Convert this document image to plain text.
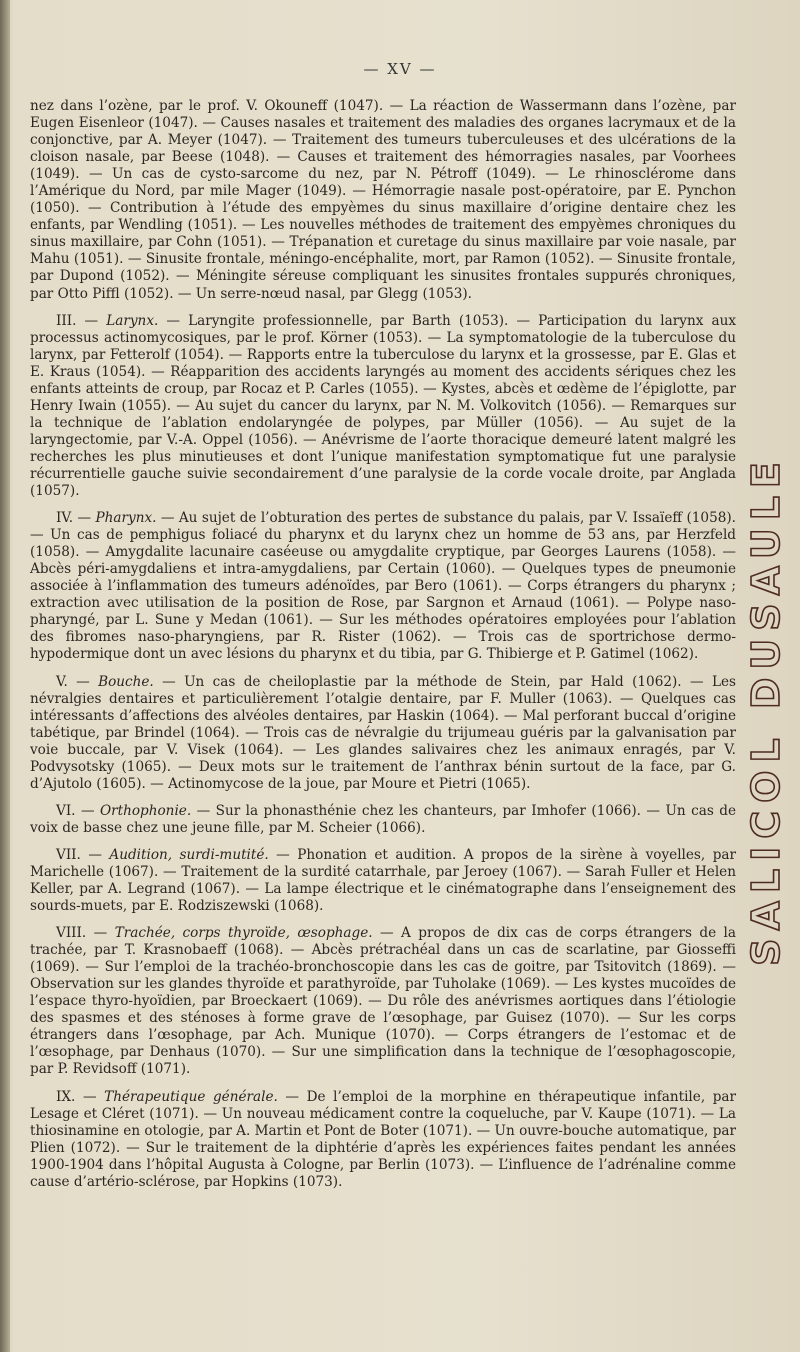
— XV —

nez dans l’ozène, par le prof. V. Okouneff (1047). — La réaction de Wassermann dans l’ozène, par Eugen Eisenleor (1047). — Causes nasales et traitement des maladies des organes lacrymaux et de la conjonctive, par A. Meyer (1047). — Traitement des tumeurs tuberculeuses et des ulcérations de la cloison nasale, par Beese (1048). — Causes et traitement des hémorragies nasales, par Voorhees (1049). — Un cas de cysto-sarcome du nez, par N. Pétroff (1049). — Le rhinosclérome dans l’Amérique du Nord, par mile Mager (1049). — Hémorragie nasale post-opératoire, par E. Pynchon (1050). — Contribution à l’étude des empyèmes du sinus maxillaire d’origine dentaire chez les enfants, par Wendling (1051). — Les nouvelles méthodes de traitement des empyèmes chroniques du sinus maxillaire, par Cohn (1051). — Trépanation et curetage du sinus maxillaire par voie nasale, par Mahu (1051). — Sinusite frontale, méningo-encéphalite, mort, par Ramon (1052). — Sinusite frontale, par Dupond (1052). — Méningite séreuse compliquant les sinusites frontales suppurés chroniques, par Otto Piffl (1052). — Un serre-nœud nasal, par Glegg (1053).

III. — Larynx. — Laryngite professionnelle, par Barth (1053). — Participation du larynx aux processus actinomycosiques, par le prof. Körner (1053). — La symptomatologie de la tuberculose du larynx, par Fetterolf (1054). — Rapports entre la tuberculose du larynx et la grossesse, par E. Glas et E. Kraus (1054). — Réapparition des accidents laryngés au moment des accidents sériques chez les enfants atteints de croup, par Rocaz et P. Carles (1055). — Kystes, abcès et œdème de l’épiglotte, par Henry Iwain (1055). — Au sujet du cancer du larynx, par N. M. Volkovitch (1056). — Remarques sur la technique de l’ablation endolaryngée de polypes, par Müller (1056). — Au sujet de la laryngectomie, par V.-A. Oppel (1056). — Anévrisme de l’aorte thoracique demeuré latent malgré les recherches les plus minutieuses et dont l’unique manifestation symptomatique fut une paralysie récurrentielle gauche suivie secondairement d’une paralysie de la corde vocale droite, par Anglada (1057).

IV. — Pharynx. — Au sujet de l’obturation des pertes de substance du palais, par V. Issaïeff (1058). — Un cas de pemphigus foliacé du pharynx et du larynx chez un homme de 53 ans, par Herzfeld (1058). — Amygdalite lacunaire caséeuse ou amygdalite cryptique, par Georges Laurens (1058). — Abcès péri-amygdaliens et intra-amygdaliens, par Certain (1060). — Quelques types de pneumonie associée à l’inflammation des tumeurs adénoïdes, par Bero (1061). — Corps étrangers du pharynx ; extraction avec utilisation de la position de Rose, par Sargnon et Arnaud (1061). — Polype naso-pharyngé, par L. Sune y Medan (1061). — Sur les méthodes opératoires employées pour l’ablation des fibromes naso-pharyngiens, par R. Rister (1062). — Trois cas de sportrichose dermo-hypodermique dont un avec lésions du pharynx et du tibia, par G. Thibierge et P. Gatimel (1062).

V. — Bouche. — Un cas de cheiloplastie par la méthode de Stein, par Hald (1062). — Les névralgies dentaires et particulièrement l’otalgie dentaire, par F. Muller (1063). — Quelques cas intéressants d’affections des alvéoles dentaires, par Haskin (1064). — Mal perforant buccal d’origine tabétique, par Brindel (1064). — Trois cas de névralgie du trijumeau guéris par la galvanisation par voie buccale, par V. Visek (1064). — Les glandes salivaires chez les animaux enragés, par V. Podvysotsky (1065). — Deux mots sur le traitement de l’anthrax bénin surtout de la face, par G. d’Ajutolo (1605). — Actinomycose de la joue, par Moure et Pietri (1065).

VI. — Orthophonie. — Sur la phonasthénie chez les chanteurs, par Imhofer (1066). — Un cas de voix de basse chez une jeune fille, par M. Scheier (1066).

VII. — Audition, surdi-mutité. — Phonation et audition. A propos de la sirène à voyelles, par Marichelle (1067). — Traitement de la surdité catarrhale, par Jeroey (1067). — Sarah Fuller et Helen Keller, par A. Legrand (1067). — La lampe électrique et le cinématographe dans l’enseignement des sourds-muets, par E. Rodziszewski (1068).

VIII. — Trachée, corps thyroïde, œsophage. — A propos de dix cas de corps étrangers de la trachée, par T. Krasnobaeff (1068). — Abcès prétrachéal dans un cas de scarlatine, par Giosseffi (1069). — Sur l’emploi de la trachéo-bronchoscopie dans les cas de goitre, par Tsitovitch (1869). — Observation sur les glandes thyroïde et parathyroïde, par Tuholake (1069). — Les kystes mucoïdes de l’espace thyro-hyoïdien, par Broeckaert (1069). — Du rôle des anévrismes aortiques dans l’étiologie des spasmes et des sténoses à forme grave de l’œsophage, par Guisez (1070). — Sur les corps étrangers dans l’œsophage, par Ach. Munique (1070). — Corps étrangers de l’estomac et de l’œsophage, par Denhaus (1070). — Sur une simplification dans la technique de l’œsophagoscopie, par P. Revidsoff (1071).

IX. — Thérapeutique générale. — De l’emploi de la morphine en thérapeutique infantile, par Lesage et Cléret (1071). — Un nouveau médicament contre la coqueluche, par V. Kaupe (1071). — La thiosinamine en otologie, par A. Martin et Pont de Boter (1071). — Un ouvre-bouche automatique, par Plien (1072). — Sur le traitement de la diphtérie d’après les expériences faites pendant les années 1900-1904 dans l’hôpital Augusta à Cologne, par Berlin (1073). — L’influence de l’adrénaline comme cause d’artério-sclérose, par Hopkins (1073).

SALICOL DUSAULE
